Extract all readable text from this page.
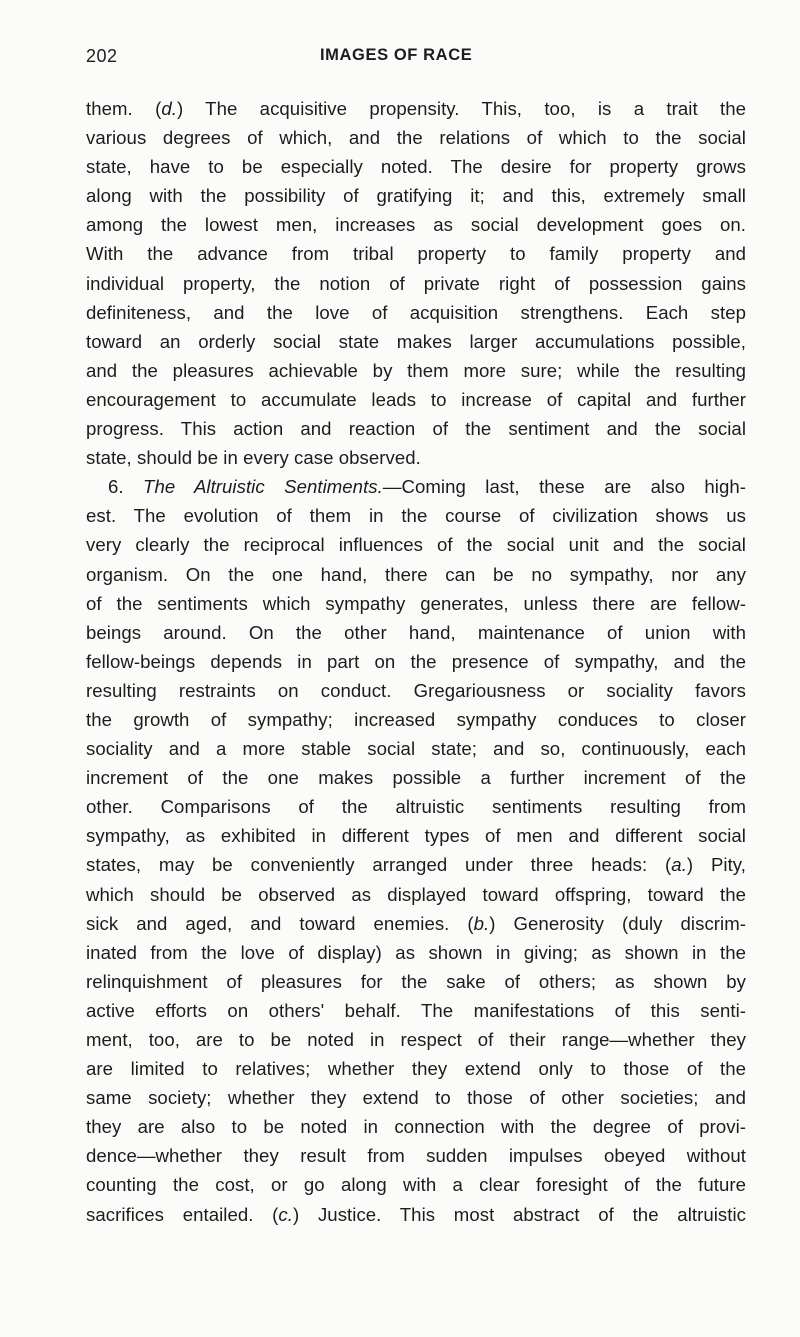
202	IMAGES OF RACE
them. (d.) The acquisitive propensity. This, too, is a trait the
various degrees of which, and the relations of which to the social
state, have to be especially noted. The desire for property grows
along with the possibility of gratifying it; and this, extremely small
among the lowest men, increases as social development goes on.
With the advance from tribal property to family property and
individual property, the notion of private right of possession gains
definiteness, and the love of acquisition strengthens. Each step
toward an orderly social state makes larger accumulations possible,
and the pleasures achievable by them more sure; while the resulting
encouragement to accumulate leads to increase of capital and further
progress. This action and reaction of the sentiment and the social
state, should be in every case observed.
6. The Altruistic Sentiments.—Coming last, these are also high-
est. The evolution of them in the course of civilization shows us
very clearly the reciprocal influences of the social unit and the social
organism. On the one hand, there can be no sympathy, nor any
of the sentiments which sympathy generates, unless there are fellow-
beings around. On the other hand, maintenance of union with
fellow-beings depends in part on the presence of sympathy, and the
resulting restraints on conduct. Gregariousness or sociality favors
the growth of sympathy; increased sympathy conduces to closer
sociality and a more stable social state; and so, continuously, each
increment of the one makes possible a further increment of the
other. Comparisons of the altruistic sentiments resulting from
sympathy, as exhibited in different types of men and different social
states, may be conveniently arranged under three heads: (a.) Pity,
which should be observed as displayed toward offspring, toward the
sick and aged, and toward enemies. (b.) Generosity (duly discrim-
inated from the love of display) as shown in giving; as shown in the
relinquishment of pleasures for the sake of others; as shown by
active efforts on others' behalf. The manifestations of this senti-
ment, too, are to be noted in respect of their range—whether they
are limited to relatives; whether they extend only to those of the
same society; whether they extend to those of other societies; and
they are also to be noted in connection with the degree of provi-
dence—whether they result from sudden impulses obeyed without
counting the cost, or go along with a clear foresight of the future
sacrifices entailed. (c.) Justice. This most abstract of the altruistic
